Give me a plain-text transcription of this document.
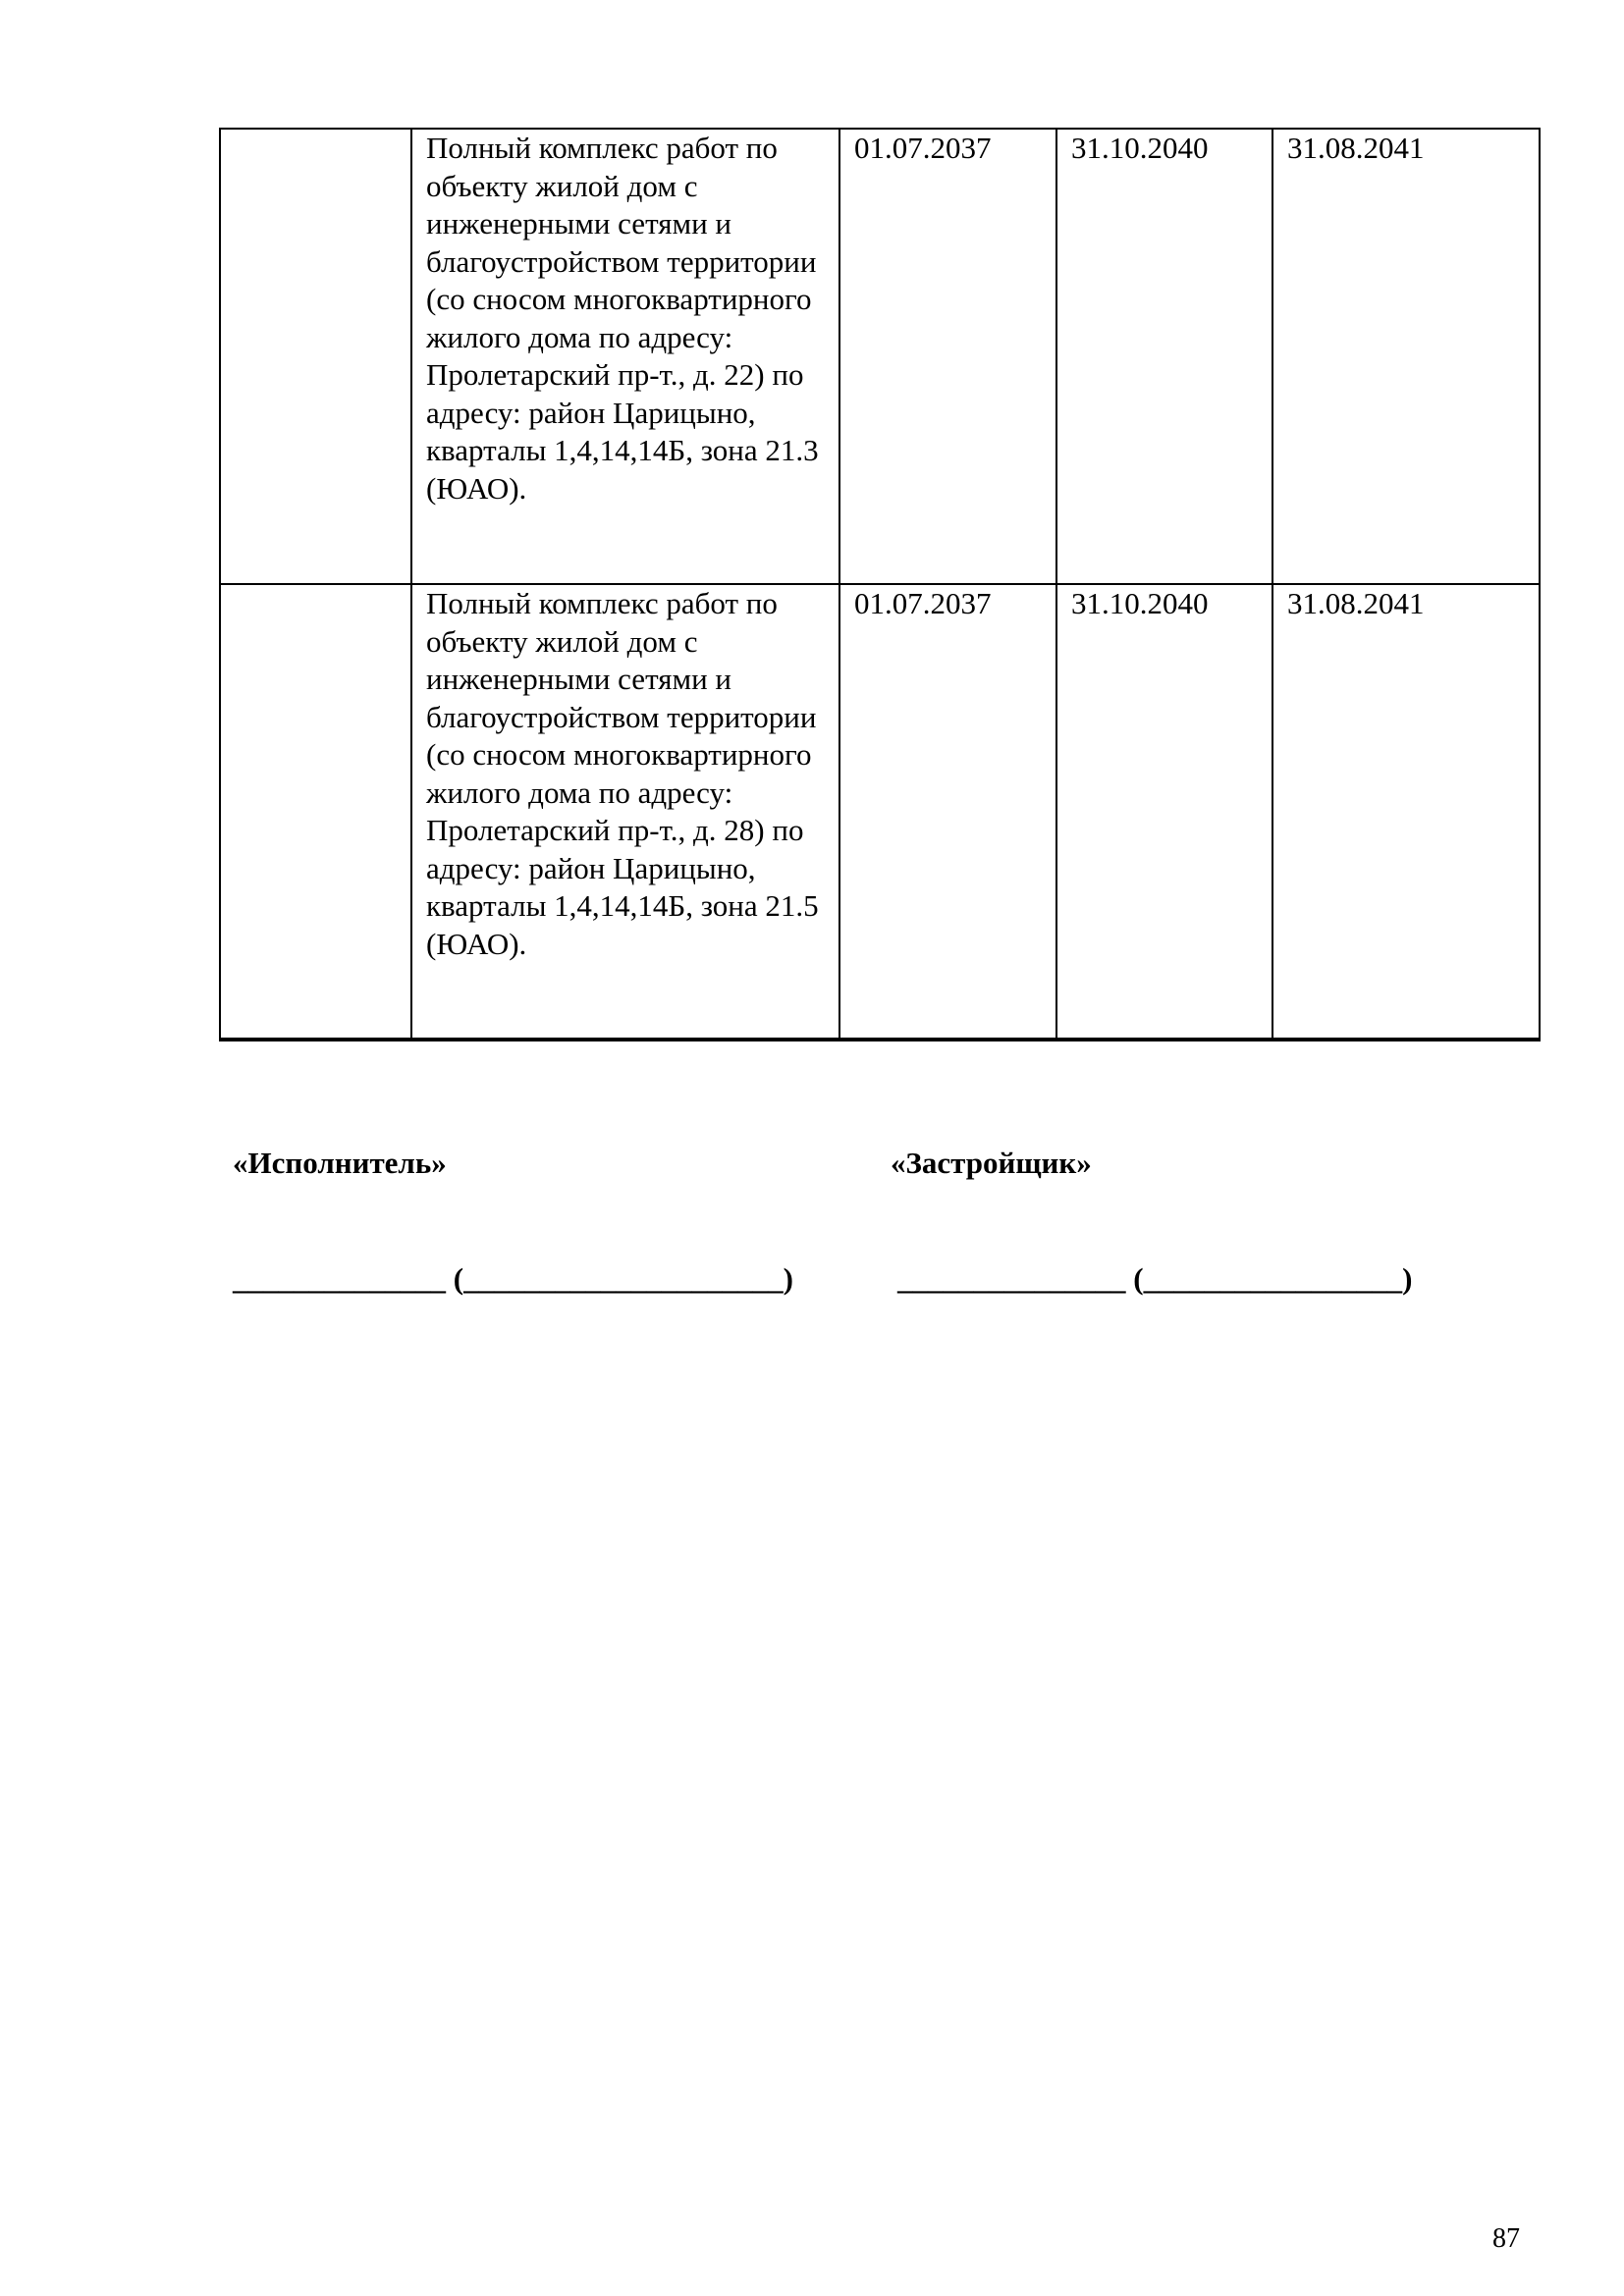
	Полный комплекс работ по объекту жилой дом с инженерными сетями и благоустройством территории (со сносом многоквартирного жилого дома по адресу: Пролетарский пр-т., д. 22) по адресу: район Царицыно, кварталы 1,4,14,14Б, зона 21.3 (ЮАО).	01.07.2037	31.10.2040	31.08.2041

	Полный комплекс работ по объекту жилой дом с инженерными сетями и благоустройством территории (со сносом многоквартирного жилого дома по адресу: Пролетарский пр-т., д. 28) по адресу: район Царицыно, кварталы 1,4,14,14Б, зона 21.5 (ЮАО).	01.07.2037	31.10.2040	31.08.2041
«Исполнитель»	«Застройщик»
______________ (_____________________)	_______________ (_________________)
87
